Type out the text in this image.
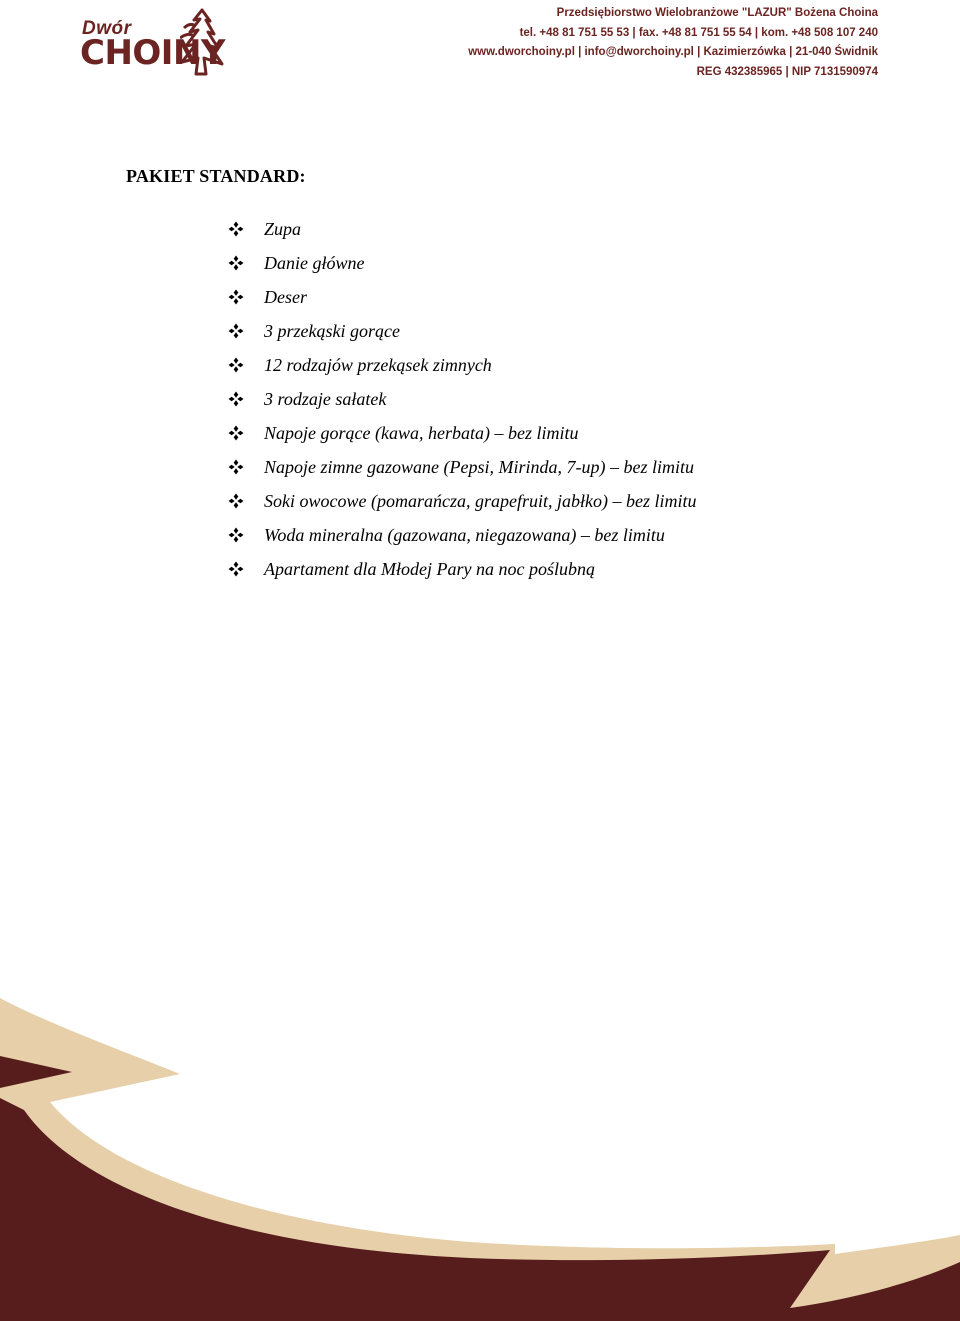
Dwór
CHOINY
Przedsiębiorstwo Wielobranżowe "LAZUR" Bożena Choina
tel. +48 81 751 55 53 | fax. +48 81 751 55 54 | kom. +48 508 107 240
www.dworchoiny.pl | info@dworchoiny.pl | Kazimierzówka | 21-040 Świdnik
REG 432385965 | NIP 7131590974
PAKIET STANDARD:
Zupa
Danie główne
Deser
3 przekąski gorące
12 rodzajów przekąsek zimnych
3 rodzaje sałatek
Napoje gorące (kawa, herbata) – bez limitu
Napoje zimne gazowane (Pepsi, Mirinda, 7-up) – bez limitu
Soki owocowe (pomarańcza, grapefruit, jabłko) – bez limitu
Woda mineralna (gazowana, niegazowana) – bez limitu
Apartament dla Młodej Pary na noc poślubną
